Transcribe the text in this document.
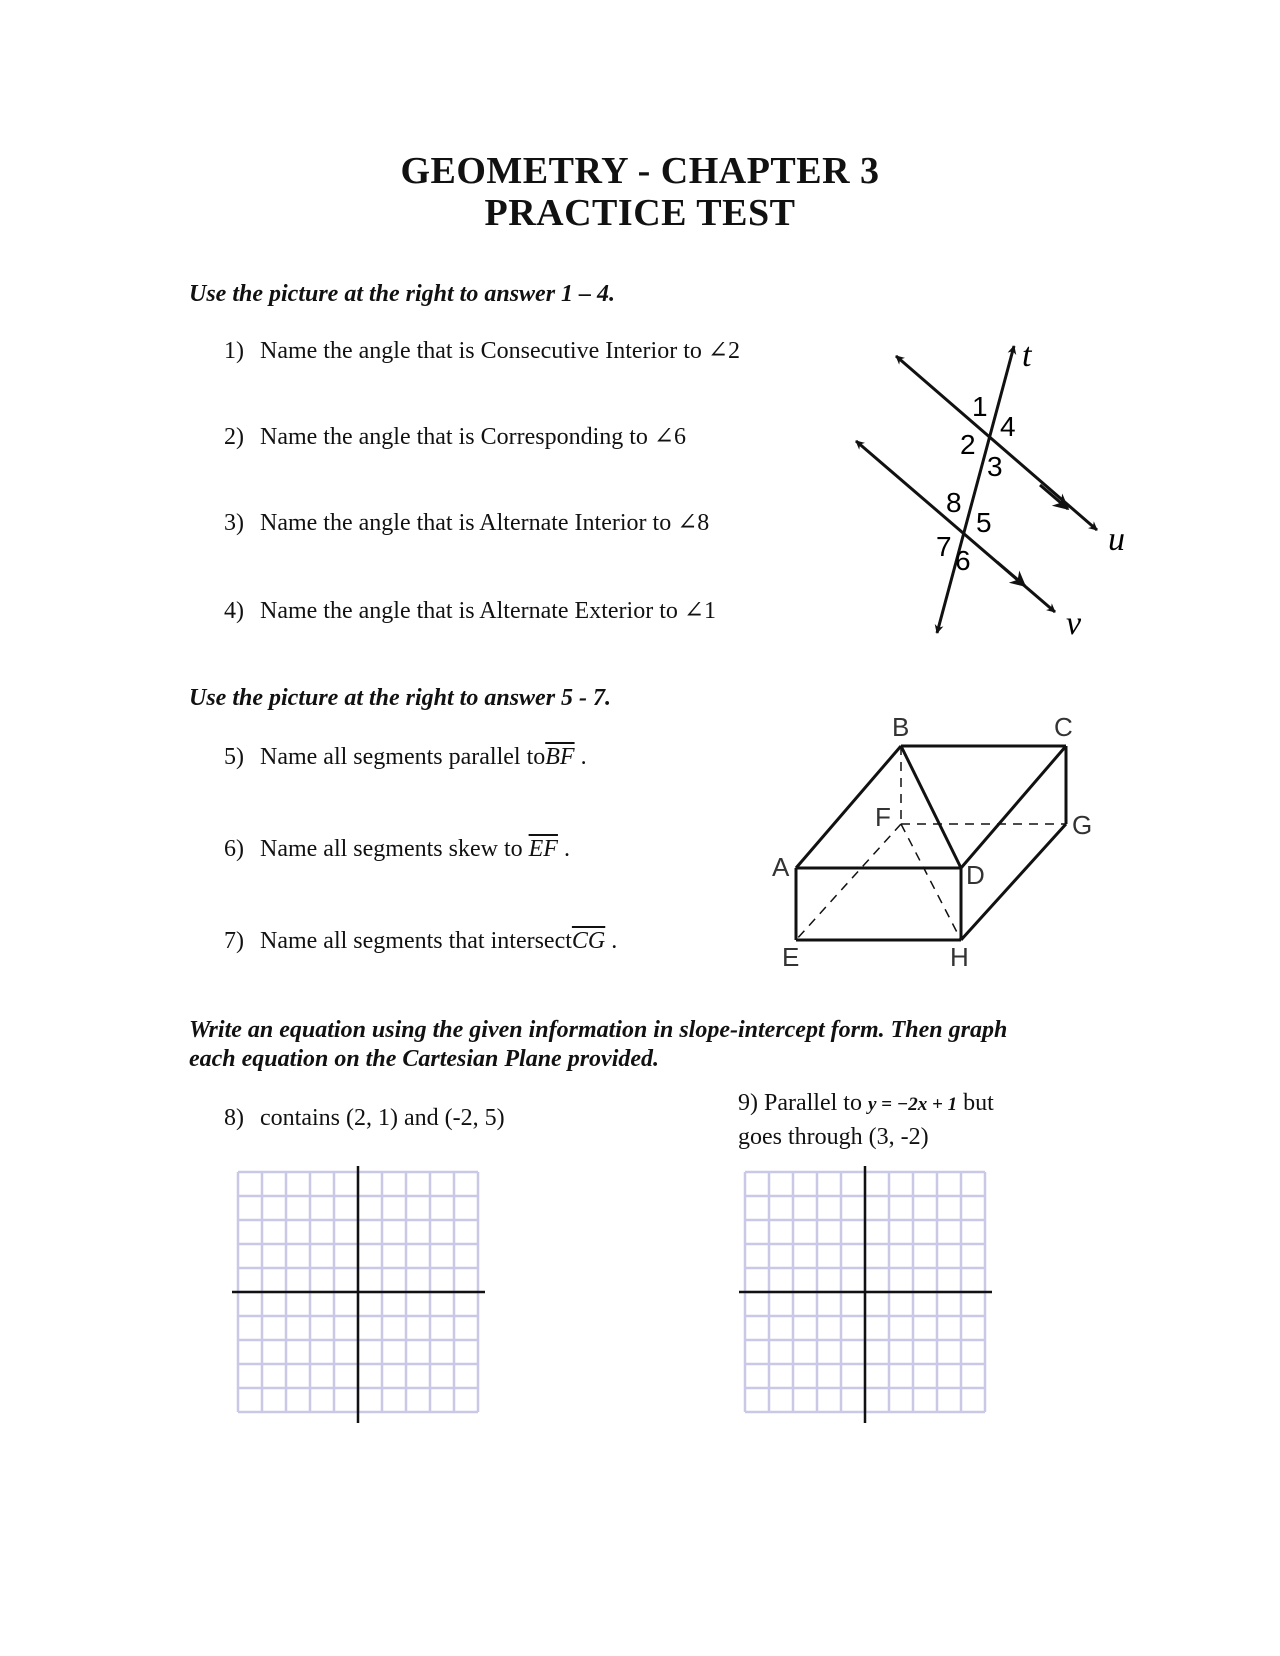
GEOMETRY - CHAPTER 3
PRACTICE TEST
Use the picture at the right to answer 1 – 4.
1) Name the angle that is Consecutive Interior to ∠2
2) Name the angle that is Corresponding to ∠6
3) Name the angle that is Alternate Interior to ∠8
4) Name the angle that is Alternate Exterior to ∠1
t
u
v
1
2
3
4
5
6
7
8
Use the picture at the right to answer 5 - 7.
5) Name all segments parallel $to\overline{BF}$ .
6) Name all segments skew to $\overline{EF}$ .
7) Name all segments that $intersect\overline{CG}$ .
A
B	C
D
E
F	G
H
Write an equation using the given information in slope-intercept form. Then graph
each equation on the Cartesian Plane provided.
8) contains (2, 1) and (-2, 5)
9) Parallel to y = −2x + 1 but
goes through (3, -2)
